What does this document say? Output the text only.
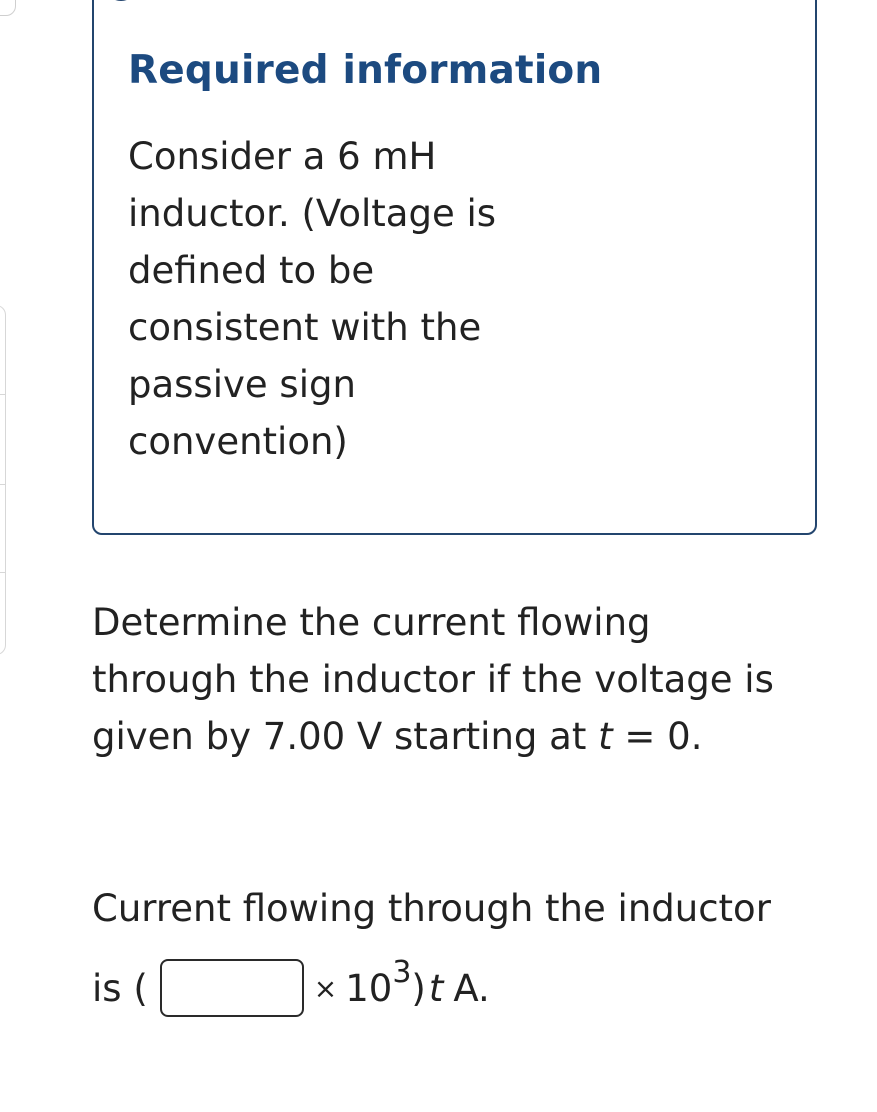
Required information

Consider a 6 mH
inductor. (Voltage is
defined to be
consistent with the
passive sign
convention)

Determine the current flowing
through the inductor if the voltage is
given by 7.00 V starting at t = 0.

Current flowing through the inductor

is (	× 10 3 ) t A.
